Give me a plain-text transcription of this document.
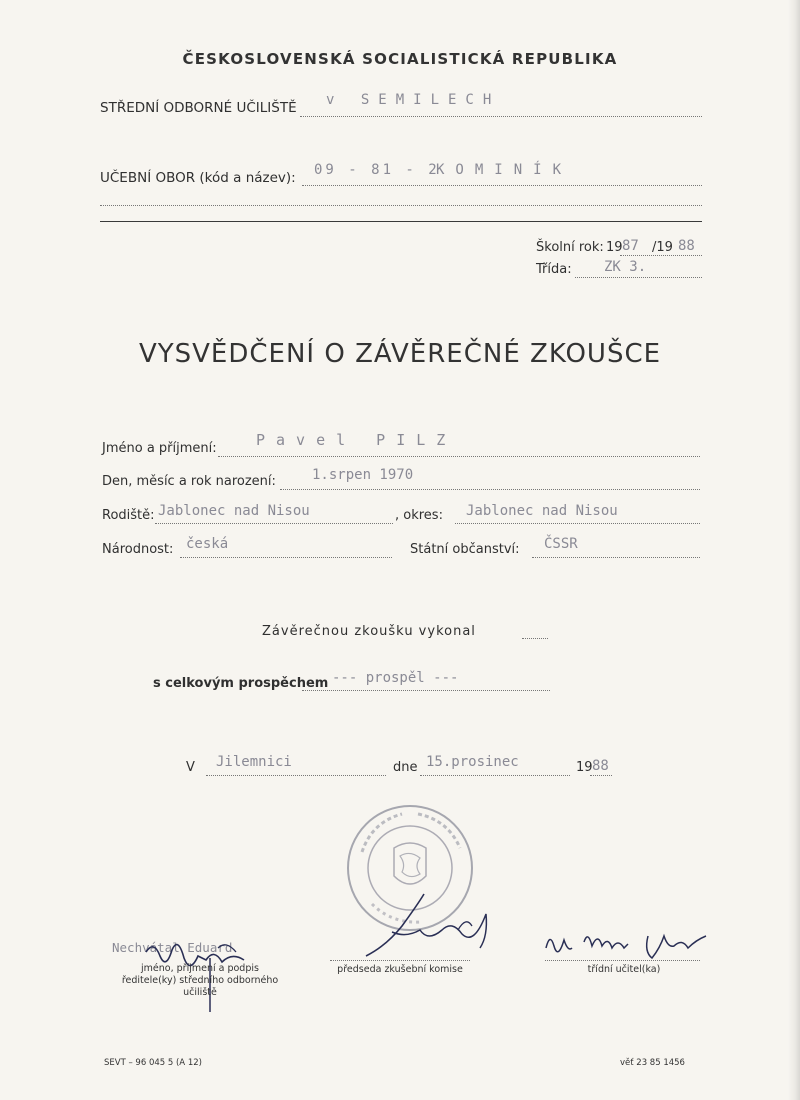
ČESKOSLOVENSKÁ SOCIALISTICKÁ REPUBLIKA
STŘEDNÍ ODBORNÉ UČILIŠTĚ v SEMILECH
UČEBNÍ OBOR (kód a název): 09 - 81 - 2
KOMINÍK
Školní rok: 19 87 /19 88
Třída: ZK 3.
VYSVĚDČENÍ O ZÁVĚREČNÉ ZKOUŠCE
Jméno a příjmení:	Pavel PILZ
Den, měsíc a rok narození:	1.srpen 1970
Rodiště: Jablonec nad Nisou	, okres: Jablonec nad Nisou
Národnost: česká	Státní občanství: ČSSR
Závěrečnou zkoušku vykonal
s celkovým prospěchem --- prospěl ---
V Jilemnici	dne 15.prosinec	19 88
Nechvátal Eduard
jméno, příjmení a podpis
ředitele(ky) středního odborného
učiliště
předseda zkušební komise	třídní učitel(ka)
SEVT – 96 045 5 (A 12)	věť 23 85 1456
